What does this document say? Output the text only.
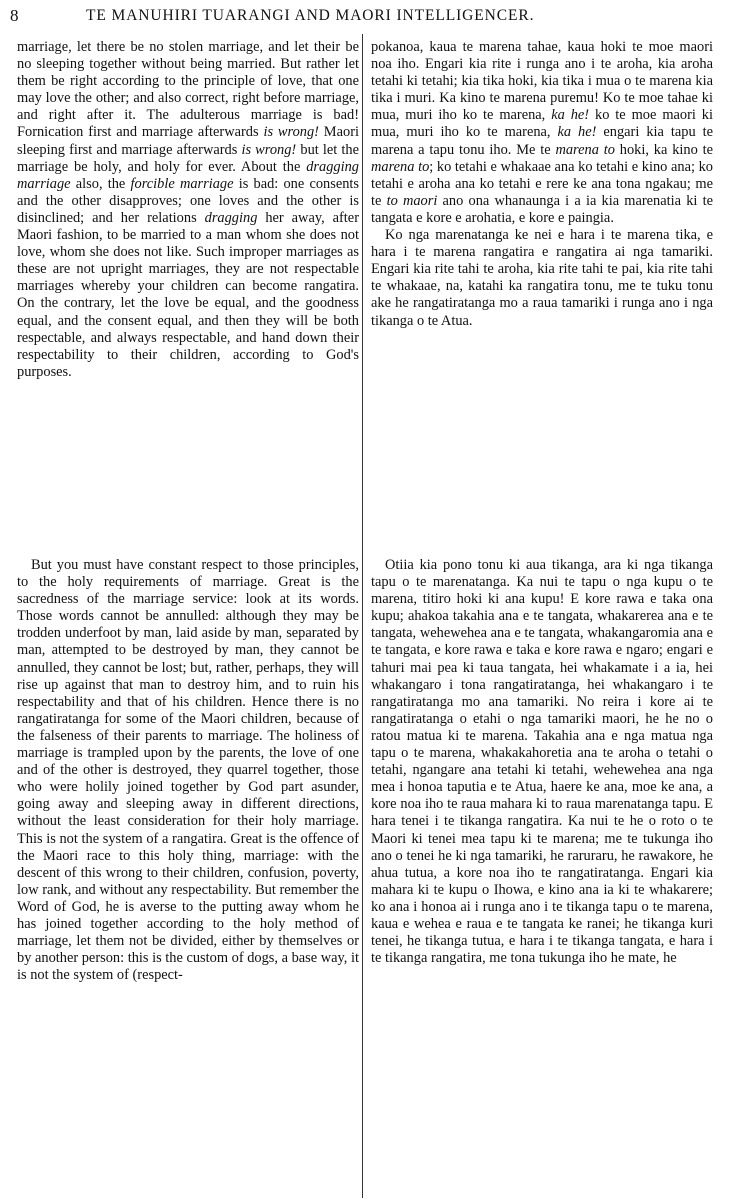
8	TE MANUHIRI TUARANGI AND MAORI INTELLIGENCER.

marriage, let there be no stolen marriage, and let their be no sleeping together without being married. But rather let them be right according to the principle of love, that one may love the other; and also correct, right before marriage, and right after it. The adulterous marriage is bad! Fornication first and marriage afterwards is wrong! Maori sleeping first and marriage afterwards is wrong! but let the marriage be holy, and holy for ever. About the dragging marriage also, the forcible marriage is bad: one consents and the other disapproves; one loves and the other is disinclined; and her relations dragging her away, after Maori fashion, to be married to a man whom she does not love, whom she does not like. Such improper marriages as these are not upright marriages, they are not respectable marriages whereby your children can become rangatira. On the contrary, let the love be equal, and the goodness equal, and the consent equal, and then they will be both respectable, and always respectable, and hand down their respectability to their children, according to God's purposes.

pokanoa, kaua te marena tahae, kaua hoki te moe maori noa iho. Engari kia rite i runga ano i te aroha, kia aroha tetahi ki tetahi; kia tika hoki, kia tika i mua o te marena kia tika i muri. Ka kino te marena puremu! Ko te moe tahae ki mua, muri iho ko te marena, ka he! ko te moe maori ki mua, muri iho ko te marena, ka he! engari kia tapu te marena a tapu tonu iho. Me te marena to hoki, ka kino te marena to; ko tetahi e whakaae ana ko tetahi e kino ana; ko tetahi e aroha ana ko tetahi e rere ke ana tona ngakau; me te to maori ano ona whanaunga i a ia kia marenatia ki te tangata e kore e arohatia, e kore e paingia.

Ko nga marenatanga ke nei e hara i te marena tika, e hara i te marena rangatira e rangatira ai nga tamariki. Engari kia rite tahi te aroha, kia rite tahi te pai, kia rite tahi te whakaae, na, katahi ka rangatira tonu, me te tuku tonu ake he rangatiratanga mo a raua tamariki i runga ano i nga tikanga o te Atua.

But you must have constant respect to those principles, to the holy requirements of marriage. Great is the sacredness of the marriage service: look at its words. Those words cannot be annulled: although they may be trodden underfoot by man, laid aside by man, separated by man, attempted to be destroyed by man, they cannot be annulled, they cannot be lost; but, rather, perhaps, they will rise up against that man to destroy him, and to ruin his respectability and that of his children. Hence there is no rangatiratanga for some of the Maori children, because of the falseness of their parents to marriage. The holiness of marriage is trampled upon by the parents, the love of one and of the other is destroyed, they quarrel together, those who were holily joined together by God part asunder, going away and sleeping away in different directions, without the least consideration for their holy marriage. This is not the system of a rangatira. Great is the offence of the Maori race to this holy thing, marriage: with the descent of this wrong to their children, confusion, poverty, low rank, and without any respectability. But remember the Word of God, he is averse to the putting away whom he has joined together according to the holy method of marriage, let them not be divided, either by themselves or by another person: this is the custom of dogs, a base way, it is not the system of (respect-

Otiia kia pono tonu ki aua tikanga, ara ki nga tikanga tapu o te marenatanga. Ka nui te tapu o nga kupu o te marena, titiro hoki ki ana kupu! E kore rawa e taka ona kupu; ahakoa takahia ana e te tangata, whakarerea ana e te tangata, wehewehea ana e te tangata, whakangaromia ana e te tangata, e kore rawa e taka e kore rawa e ngaro; engari e tahuri mai pea ki taua tangata, hei whakamate i a ia, hei whakangaro i tona rangatiratanga, hei whakangaro i te rangatiratanga mo ana tamariki. No reira i kore ai te rangatiratanga o etahi o nga tamariki maori, he he no o ratou matua ki te marena. Takahia ana e nga matua nga tapu o te marena, whakakahoretia ana te aroha o tetahi o tetahi, ngangare ana tetahi ki tetahi, wehewehea ana nga mea i honoa taputia e te Atua, haere ke ana, moe ke ana, a kore noa iho te raua mahara ki to raua marenatanga tapu. E hara tenei i te tikanga rangatira. Ka nui te he o roto o te Maori ki tenei mea tapu ki te marena; me te tukunga iho ano o tenei he ki nga tamariki, he raruraru, he rawakore, he ahua tutua, a kore noa iho te rangatiratanga. Engari kia mahara ki te kupu o Ihowa, e kino ana ia ki te whakarere; ko ana i honoa ai i runga ano i te tikanga tapu o te marena, kaua e wehea e raua e te tangata ke ranei; he tikanga kuri tenei, he tikanga tutua, e hara i te tikanga tangata, e hara i te tikanga rangatira, me tona tukunga iho he mate, he
